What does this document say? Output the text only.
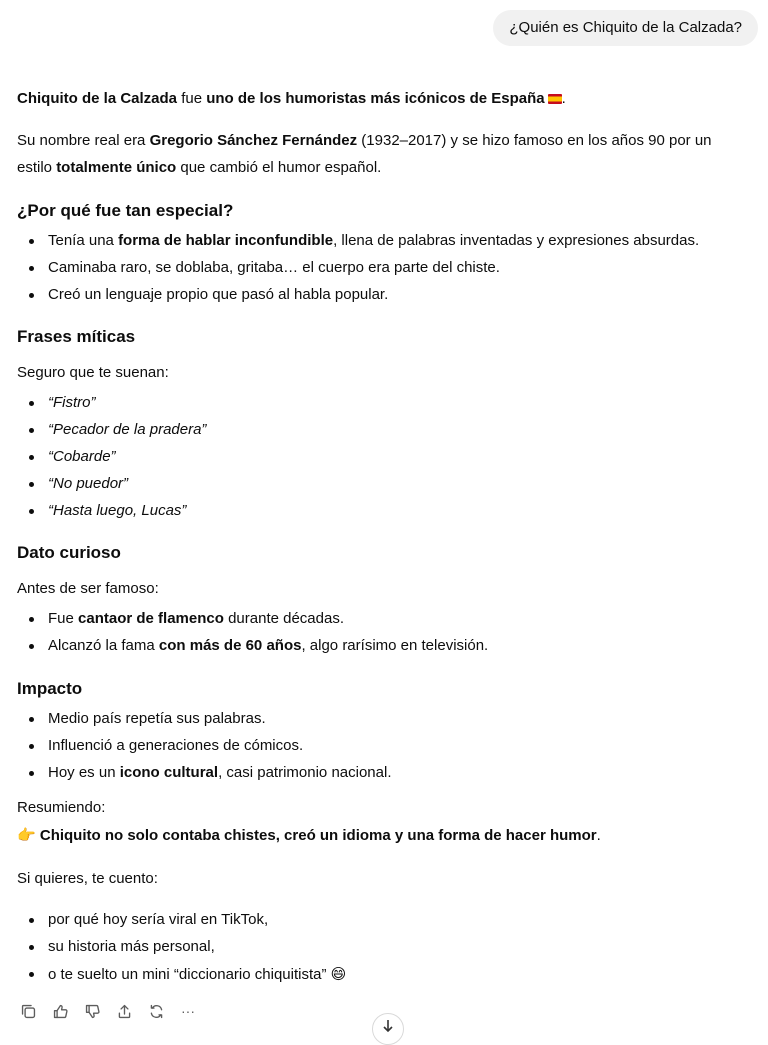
¿Quién es Chiquito de la Calzada?
Chiquito de la Calzada fue uno de los humoristas más icónicos de España .
Su nombre real era Gregorio Sánchez Fernández (1932–2017) y se hizo famoso en los años 90 por un
estilo totalmente único que cambió el humor español.
¿Por qué fue tan especial?
Tenía una forma de hablar inconfundible, llena de palabras inventadas y expresiones absurdas.
Caminaba raro, se doblaba, gritaba… el cuerpo era parte del chiste.
Creó un lenguaje propio que pasó al habla popular.
Frases míticas
Seguro que te suenan:
“Fistro”
“Pecador de la pradera”
“Cobarde”
“No puedor”
“Hasta luego, Lucas”
Dato curioso
Antes de ser famoso:
Fue cantaor de flamenco durante décadas.
Alcanzó la fama con más de 60 años, algo rarísimo en televisión.
Impacto
Medio país repetía sus palabras.
Influenció a generaciones de cómicos.
Hoy es un icono cultural, casi patrimonio nacional.
Resumiendo:
👉 Chiquito no solo contaba chistes, creó un idioma y una forma de hacer humor.
Si quieres, te cuento:
por qué hoy sería viral en TikTok,
su historia más personal,
o te suelto un mini “diccionario chiquitista” 😄
···
